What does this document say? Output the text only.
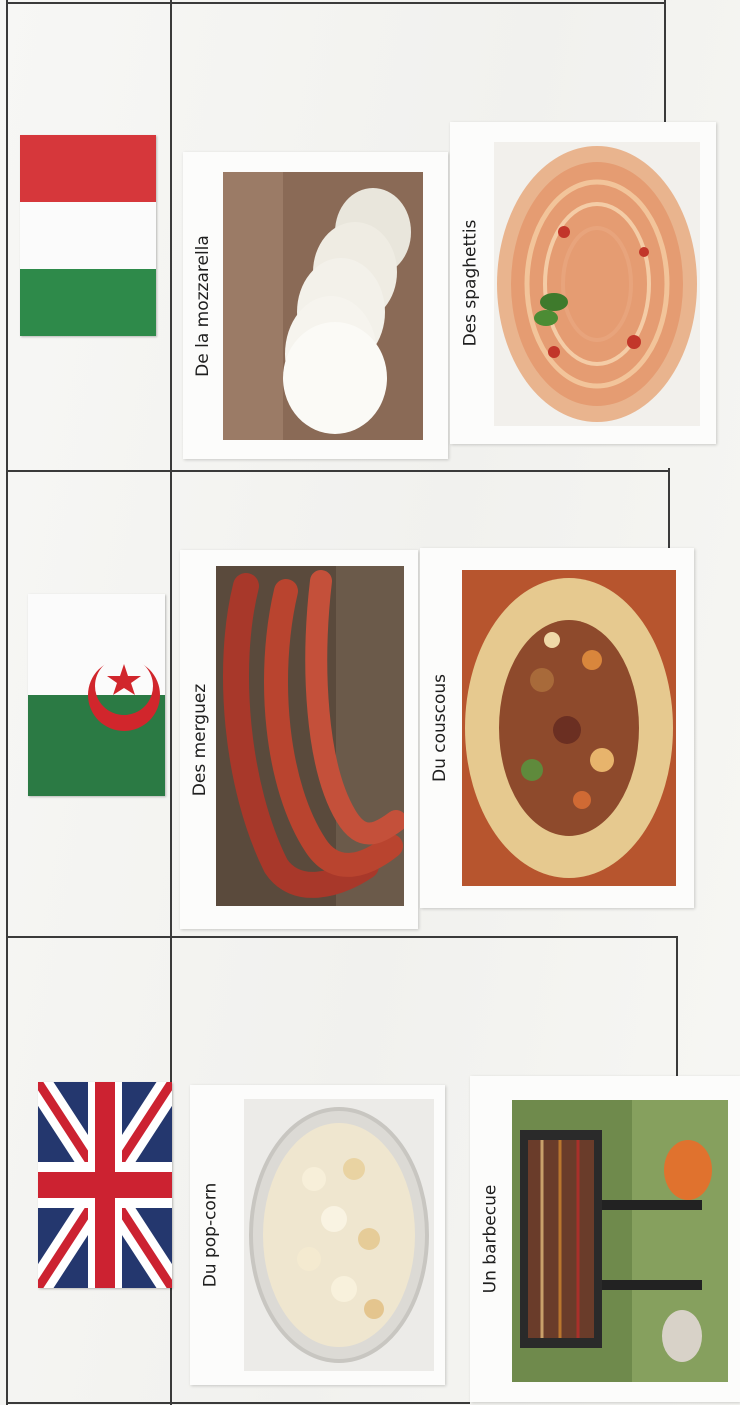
De la mozzarella	Des spaghettis
Des merguez	Du couscous
Du pop-corn	Un barbecue
